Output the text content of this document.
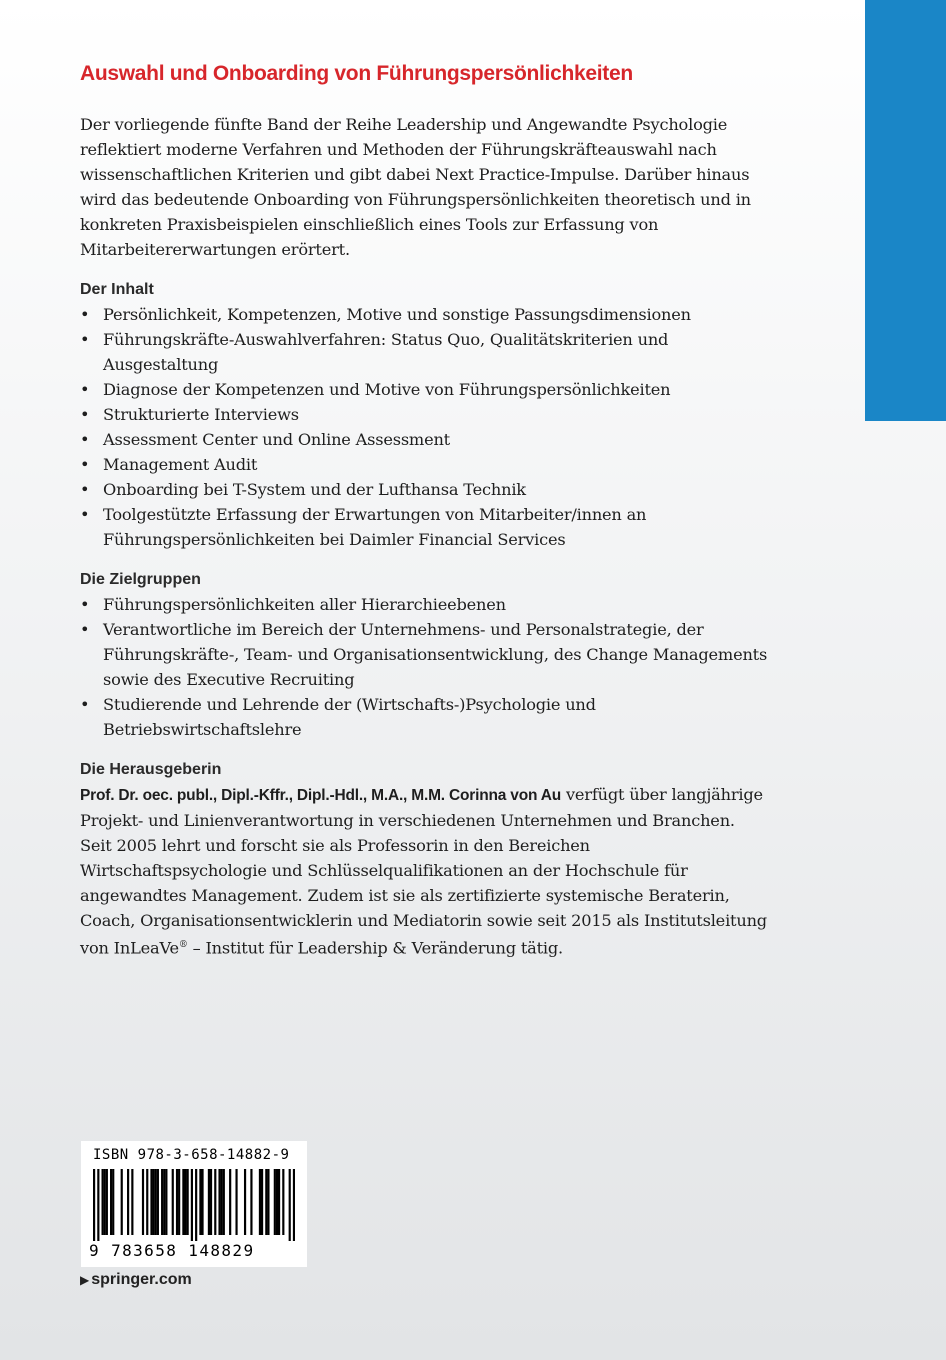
Auswahl und Onboarding von Führungspersönlichkeiten

Der vorliegende fünfte Band der Reihe Leadership und Angewandte Psychologie reflektiert moderne Verfahren und Methoden der Führungskräfteauswahl nach wissenschaftlichen Kriterien und gibt dabei Next Practice-Impulse. Darüber hinaus wird das bedeutende Onboarding von Führungspersönlichkeiten theoretisch und in konkreten Praxisbeispielen einschließlich eines Tools zur Erfassung von Mitarbeitererwartungen erörtert.

Der Inhalt
• Persönlichkeit, Kompetenzen, Motive und sonstige Passungsdimensionen
• Führungskräfte-Auswahlverfahren: Status Quo, Qualitätskriterien und Ausgestaltung
• Diagnose der Kompetenzen und Motive von Führungspersönlichkeiten
• Strukturierte Interviews
• Assessment Center und Online Assessment
• Management Audit
• Onboarding bei T-System und der Lufthansa Technik
• Toolgestützte Erfassung der Erwartungen von Mitarbeiter/innen an Führungspersönlichkeiten bei Daimler Financial Services
Die Zielgruppen
• Führungspersönlichkeiten aller Hierarchieebenen
• Verantwortliche im Bereich der Unternehmens- und Personalstrategie, der Führungskräfte-, Team- und Organisationsentwicklung, des Change Managements sowie des Executive Recruiting
• Studierende und Lehrende der (Wirtschafts-)Psychologie und Betriebswirtschaftslehre
Die Herausgeberin

Prof. Dr. oec. publ., Dipl.-Kffr., Dipl.-Hdl., M.A., M.M. Corinna von Au verfügt über langjährige Projekt- und Linienverantwortung in verschiedenen Unternehmen und Branchen. Seit 2005 lehrt und forscht sie als Professorin in den Bereichen Wirtschaftspsychologie und Schlüsselqualifikationen an der Hochschule für angewandtes Management. Zudem ist sie als zertifizierte systemische Beraterin, Coach, Organisationsentwicklerin und Mediatorin sowie seit 2015 als Institutsleitung von InLeaVe® – Institut für Leadership & Veränderung tätig.

ISBN 978-3-658-14882-9
9 783658 148829
▶ springer.com
